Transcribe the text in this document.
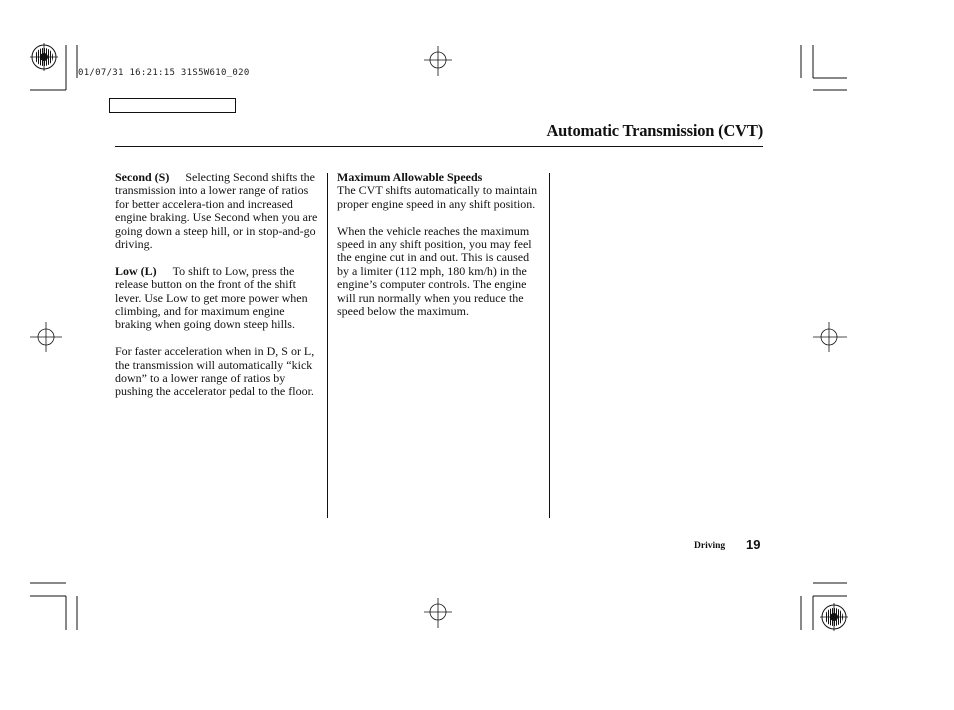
01/07/31 16:21:15 31S5W610_020
Automatic Transmission (CVT)

Second (S) Selecting Second shifts the transmission into a lower range of ratios for better accelera-tion and increased engine braking. Use Second when you are going down a steep hill, or in stop-and-go driving.

Low (L) To shift to Low, press the release button on the front of the shift lever. Use Low to get more power when climbing, and for maximum engine braking when going down steep hills.

For faster acceleration when in D, S or L, the transmission will automatically “kick down” to a lower range of ratios by pushing the accelerator pedal to the floor.

Maximum Allowable Speeds
The CVT shifts automatically to maintain proper engine speed in any shift position.

When the vehicle reaches the maximum speed in any shift position, you may feel the engine cut in and out. This is caused by a limiter (112 mph, 180 km/h) in the engine’s computer controls. The engine will run normally when you reduce the speed below the maximum.

Driving 19
